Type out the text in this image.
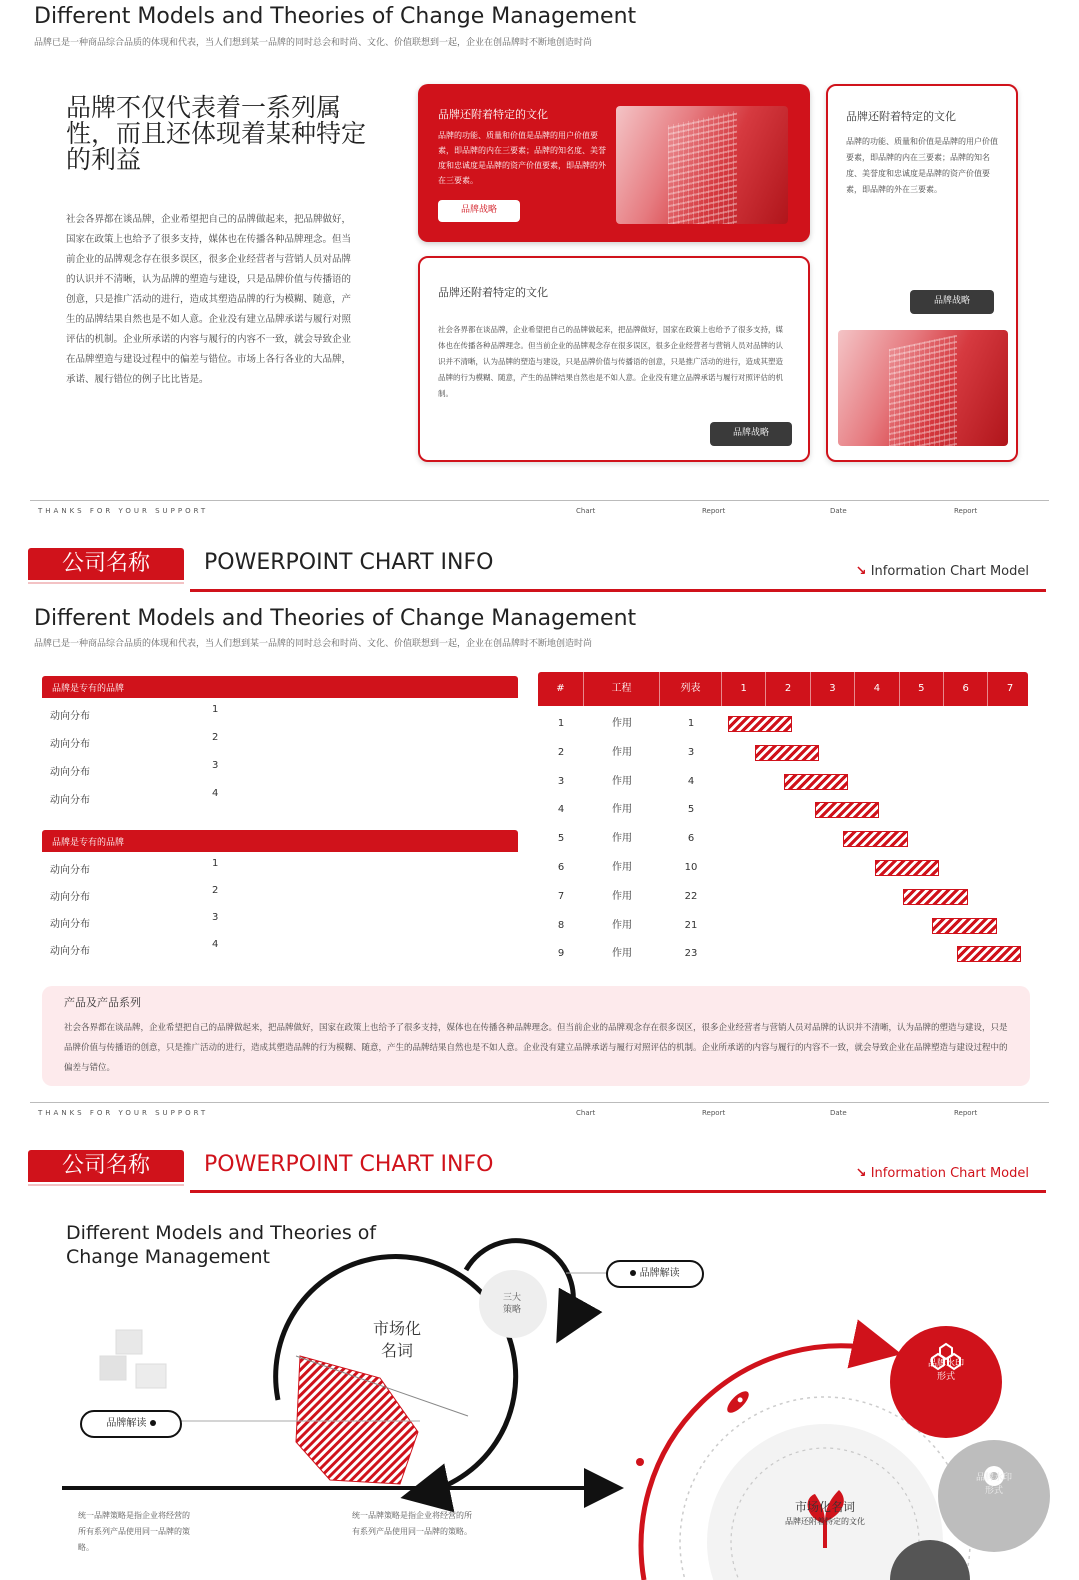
Different Models and Theories of Change Management
品牌已是一种商品综合品质的体现和代表，当人们想到某一品牌的同时总会和时尚、文化、价值联想到一起，企业在创品牌时不断地创造时尚
品牌不仅代表着一系列属性，而且还体现着某种特定的利益
社会各界都在谈品牌，企业希望把自己的品牌做起来，把品牌做好，国家在政策上也给予了很多支持，媒体也在传播各种品牌理念。但当前企业的品牌观念存在很多误区，很多企业经营者与营销人员对品牌的认识并不清晰，认为品牌的塑造与建设，只是品牌价值与传播语的创意，只是推广活动的进行，造成其塑造品牌的行为模糊、随意，产生的品牌结果自然也是不如人意。企业没有建立品牌承诺与履行对照评估的机制。企业所承诺的内容与履行的内容不一致，就会导致企业在品牌塑造与建设过程中的偏差与错位。市场上各行各业的大品牌，承诺、履行错位的例子比比皆是。
品牌还附着特定的文化
品牌的功能、质量和价值是品牌的用户价值要素，即品牌的内在三要素；品牌的知名度、美誉度和忠诚度是品牌的资产价值要素，即品牌的外在三要素。
品牌战略
品牌还附着特定的文化
社会各界都在谈品牌，企业希望把自己的品牌做起来，把品牌做好，国家在政策上也给予了很多支持，媒体也在传播各种品牌理念。但当前企业的品牌观念存在很多误区，很多企业经营者与营销人员对品牌的认识并不清晰，认为品牌的塑造与建设，只是品牌价值与传播语的创意，只是推广活动的进行，造成其塑造品牌的行为模糊、随意，产生的品牌结果自然也是不如人意。企业没有建立品牌承诺与履行对照评估的机制。
品牌战略
品牌还附着特定的文化
品牌的功能、质量和价值是品牌的用户价值要素，即品牌的内在三要素；品牌的知名度、美誉度和忠诚度是品牌的资产价值要素，即品牌的外在三要素。
品牌战略
THANKS FOR YOUR SUPPORT	Chart	Report	Date	Report
公司名称	POWERPOINT CHART INFO	↘ Information Chart Model
Different Models and Theories of Change Management
品牌已是一种商品综合品质的体现和代表，当人们想到某一品牌的同时总会和时尚、文化、价值联想到一起，企业在创品牌时不断地创造时尚
品牌是专有的品牌
动向分布
1
动向分布
2
动向分布
3
动向分布
4
品牌是专有的品牌
动向分布
1
动向分布
2
动向分布
3
动向分布
4
#	工程	列表	1	2	3	4	5	6	7
1	作用	1
2	作用	3
3	作用	4
4	作用	5
5	作用	6
6	作用	10
7	作用	22
8	作用	21
9	作用	23
产品及产品系列
社会各界都在谈品牌，企业希望把自己的品牌做起来，把品牌做好，国家在政策上也给予了很多支持，媒体也在传播各种品牌理念。但当前企业的品牌观念存在很多误区，很多企业经营者与营销人员对品牌的认识并不清晰，认为品牌的塑造与建设，只是品牌价值与传播语的创意，只是推广活动的进行，造成其塑造品牌的行为模糊、随意，产生的品牌结果自然也是不如人意。企业没有建立品牌承诺与履行对照评估的机制。企业所承诺的内容与履行的内容不一致，就会导致企业在品牌塑造与建设过程中的偏差与错位。
THANKS FOR YOUR SUPPORT	Chart	Report	Date	Report
公司名称	POWERPOINT CHART INFO	↘ Information Chart Model
Different Models and Theories of
Change Management
市场化
名词
三大
策略
品牌解读
品牌解读
统一品牌策略是指企业将经营的所有系列产品使用同一品牌的策略。
统一品牌策略是指企业将经营的所有系列产品使用同一品牌的策略。
品牌水印
形式
品牌水印
形式
市场化名词
品牌还附着特定的文化
